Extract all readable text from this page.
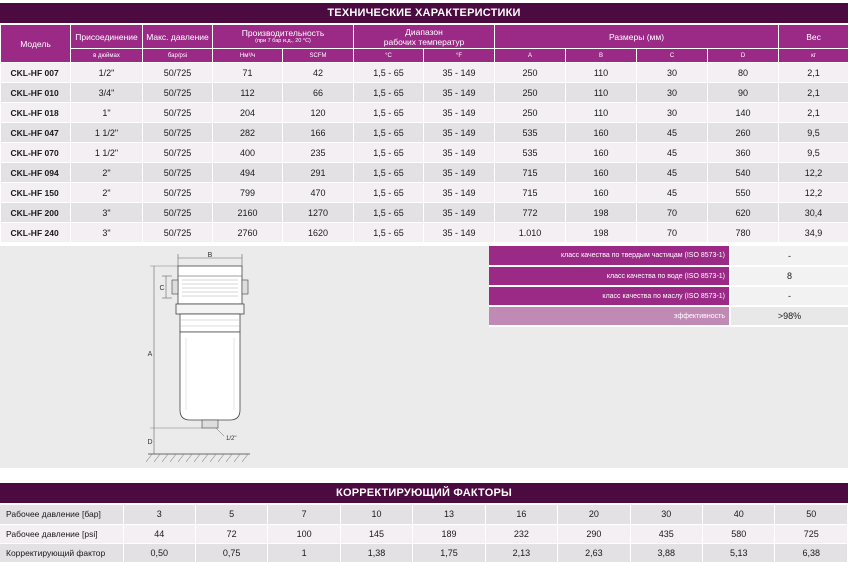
ТЕХНИЧЕСКИЕ ХАРАКТЕРИСТИКИ
Модель	Присоединение	Макс. давление	Производительность
(при 7 бар и.д., 20 °C)		Диапазон
рабочих температур		Размеры (мм)				Вес
	в дюймах	бар/psi	Нм³/ч	SCFM	°C	°F	A	B	C	D	кг
CKL-HF 007	1/2"	50/725	71	42	1,5 - 65	35 - 149	250	110	30	80	2,1
CKL-HF 010	3/4"	50/725	112	66	1,5 - 65	35 - 149	250	110	30	90	2,1
CKL-HF 018	1"	50/725	204	120	1,5 - 65	35 - 149	250	110	30	140	2,1
CKL-HF 047	1 1/2"	50/725	282	166	1,5 - 65	35 - 149	535	160	45	260	9,5
CKL-HF 070	1 1/2"	50/725	400	235	1,5 - 65	35 - 149	535	160	45	360	9,5
CKL-HF 094	2"	50/725	494	291	1,5 - 65	35 - 149	715	160	45	540	12,2
CKL-HF 150	2"	50/725	799	470	1,5 - 65	35 - 149	715	160	45	550	12,2
CKL-HF 200	3"	50/725	2160	1270	1,5 - 65	35 - 149	772	198	70	620	30,4
CKL-HF 240	3"	50/725	2760	1620	1,5 - 65	35 - 149	1.010	198	70	780	34,9
B
C
1/2"
A
D
класс качества по твердым частицам (ISO 8573-1)	-
класс качества по воде (ISO 8573-1)	8
класс качества по маслу (ISO 8573-1)	-
эффективность	>98%
КОРРЕКТИРУЮЩИЙ ФАКТОРЫ
Рабочее давление [бар]	3	5	7	10	13	16	20	30	40	50
Рабочее давление [psi]	44	72	100	145	189	232	290	435	580	725
Корректирующий фактор	0,50	0,75	1	1,38	1,75	2,13	2,63	3,88	5,13	6,38
